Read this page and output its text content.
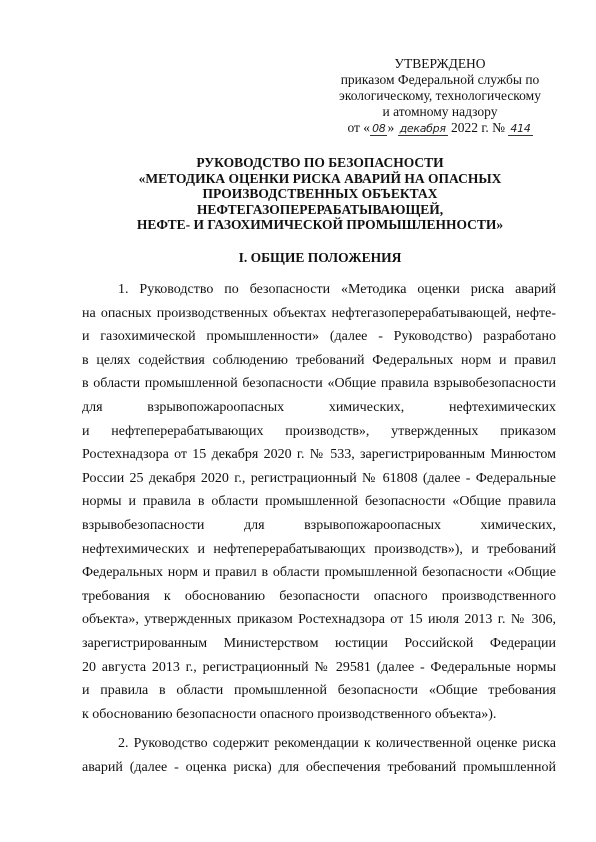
УТВЕРЖДЕНО
приказом Федеральной службы по
экологическому, технологическому
и атомному надзору
от « 08 » декабря 2022 г. № 414
РУКОВОДСТВО ПО БЕЗОПАСНОСТИ
«МЕТОДИКА ОЦЕНКИ РИСКА АВАРИЙ НА ОПАСНЫХ
ПРОИЗВОДСТВЕННЫХ ОБЪЕКТАХ
НЕФТЕГАЗОПЕРЕРАБАТЫВАЮЩЕЙ,
НЕФТЕ- И ГАЗОХИМИЧЕСКОЙ ПРОМЫШЛЕННОСТИ»
I. ОБЩИЕ ПОЛОЖЕНИЯ
1. Руководство по безопасности «Методика оценки риска аварий
на опасных производственных объектах нефтегазоперерабатывающей, нефте-
и газохимической промышленности» (далее - Руководство) разработано
в целях содействия соблюдению требований Федеральных норм и правил
в области промышленной безопасности «Общие правила взрывобезопасности
для взрывопожароопасных химических, нефтехимических
и нефтеперерабатывающих производств», утвержденных приказом
Ростехнадзора от 15 декабря 2020 г. № 533, зарегистрированным Минюстом
России 25 декабря 2020 г., регистрационный № 61808 (далее - Федеральные
нормы и правила в области промышленной безопасности «Общие правила
взрывобезопасности для взрывопожароопасных химических,
нефтехимических и нефтеперерабатывающих производств»), и требований
Федеральных норм и правил в области промышленной безопасности «Общие
требования к обоснованию безопасности опасного производственного
объекта», утвержденных приказом Ростехнадзора от 15 июля 2013 г. № 306,
зарегистрированным Министерством юстиции Российской Федерации
20 августа 2013 г., регистрационный № 29581 (далее - Федеральные нормы
и правила в области промышленной безопасности «Общие требования
к обоснованию безопасности опасного производственного объекта»).
2. Руководство содержит рекомендации к количественной оценке риска
аварий (далее - оценка риска) для обеспечения требований промышленной
